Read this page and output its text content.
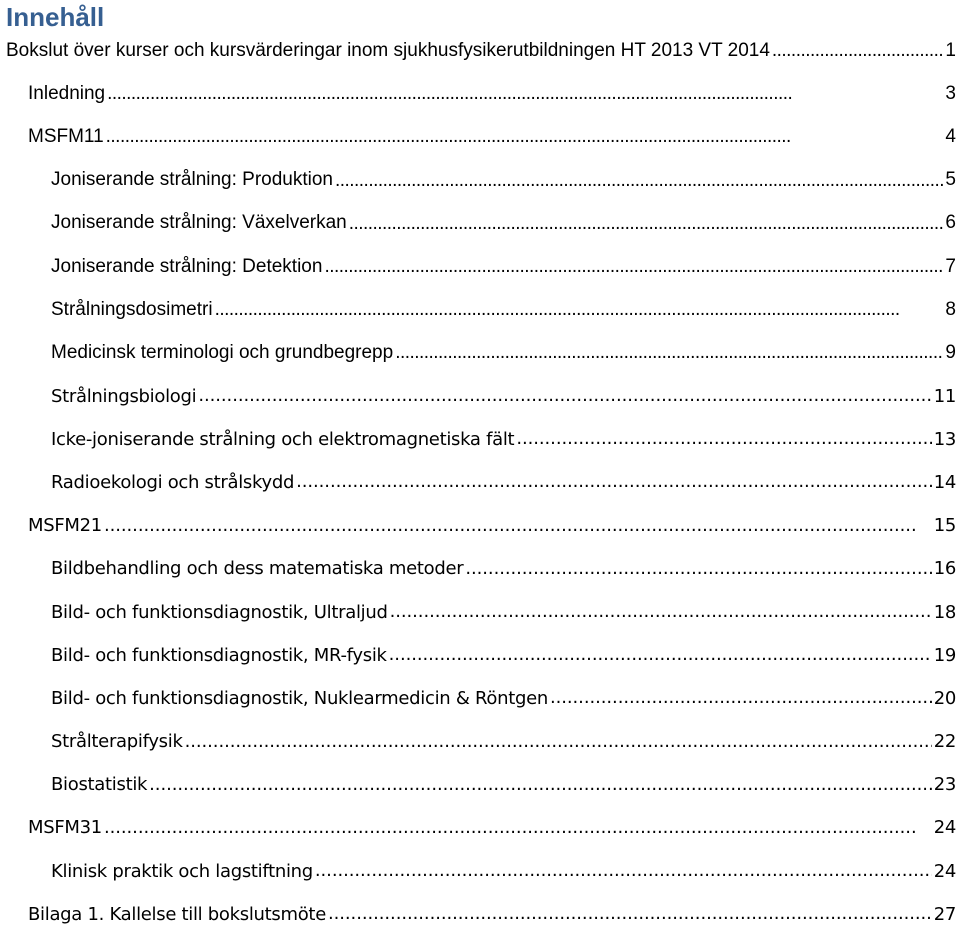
Innehåll
Bokslut över kurser och kursvärderingar inom sjukhusfysikerutbildningen HT 2013 VT 2014 . . .	1
Inledning . . .	3
MSFM11 . . .	4
Joniserande strålning: Produktion . . .	5
Joniserande strålning: Växelverkan . . .	6
Joniserande strålning: Detektion . . .	7
Strålningsdosimetri . . .	8
Medicinsk terminologi och grundbegrepp . . .	9
Strålningsbiologi . . .	11
Icke-joniserande strålning och elektromagnetiska fält . . .	13
Radioekologi och strålskydd . . .	14
MSFM21 . . .	15
Bildbehandling och dess matematiska metoder . . .	16
Bild- och funktionsdiagnostik, Ultraljud . . .	18
Bild- och funktionsdiagnostik, MR-fysik . . .	19
Bild- och funktionsdiagnostik, Nuklearmedicin & Röntgen . . .	20
Strålterapifysik . . .	22
Biostatistik . . .	23
MSFM31 . . .	24
Klinisk praktik och lagstiftning . . .	24
Bilaga 1. Kallelse till bokslutsmöte . . .	27
